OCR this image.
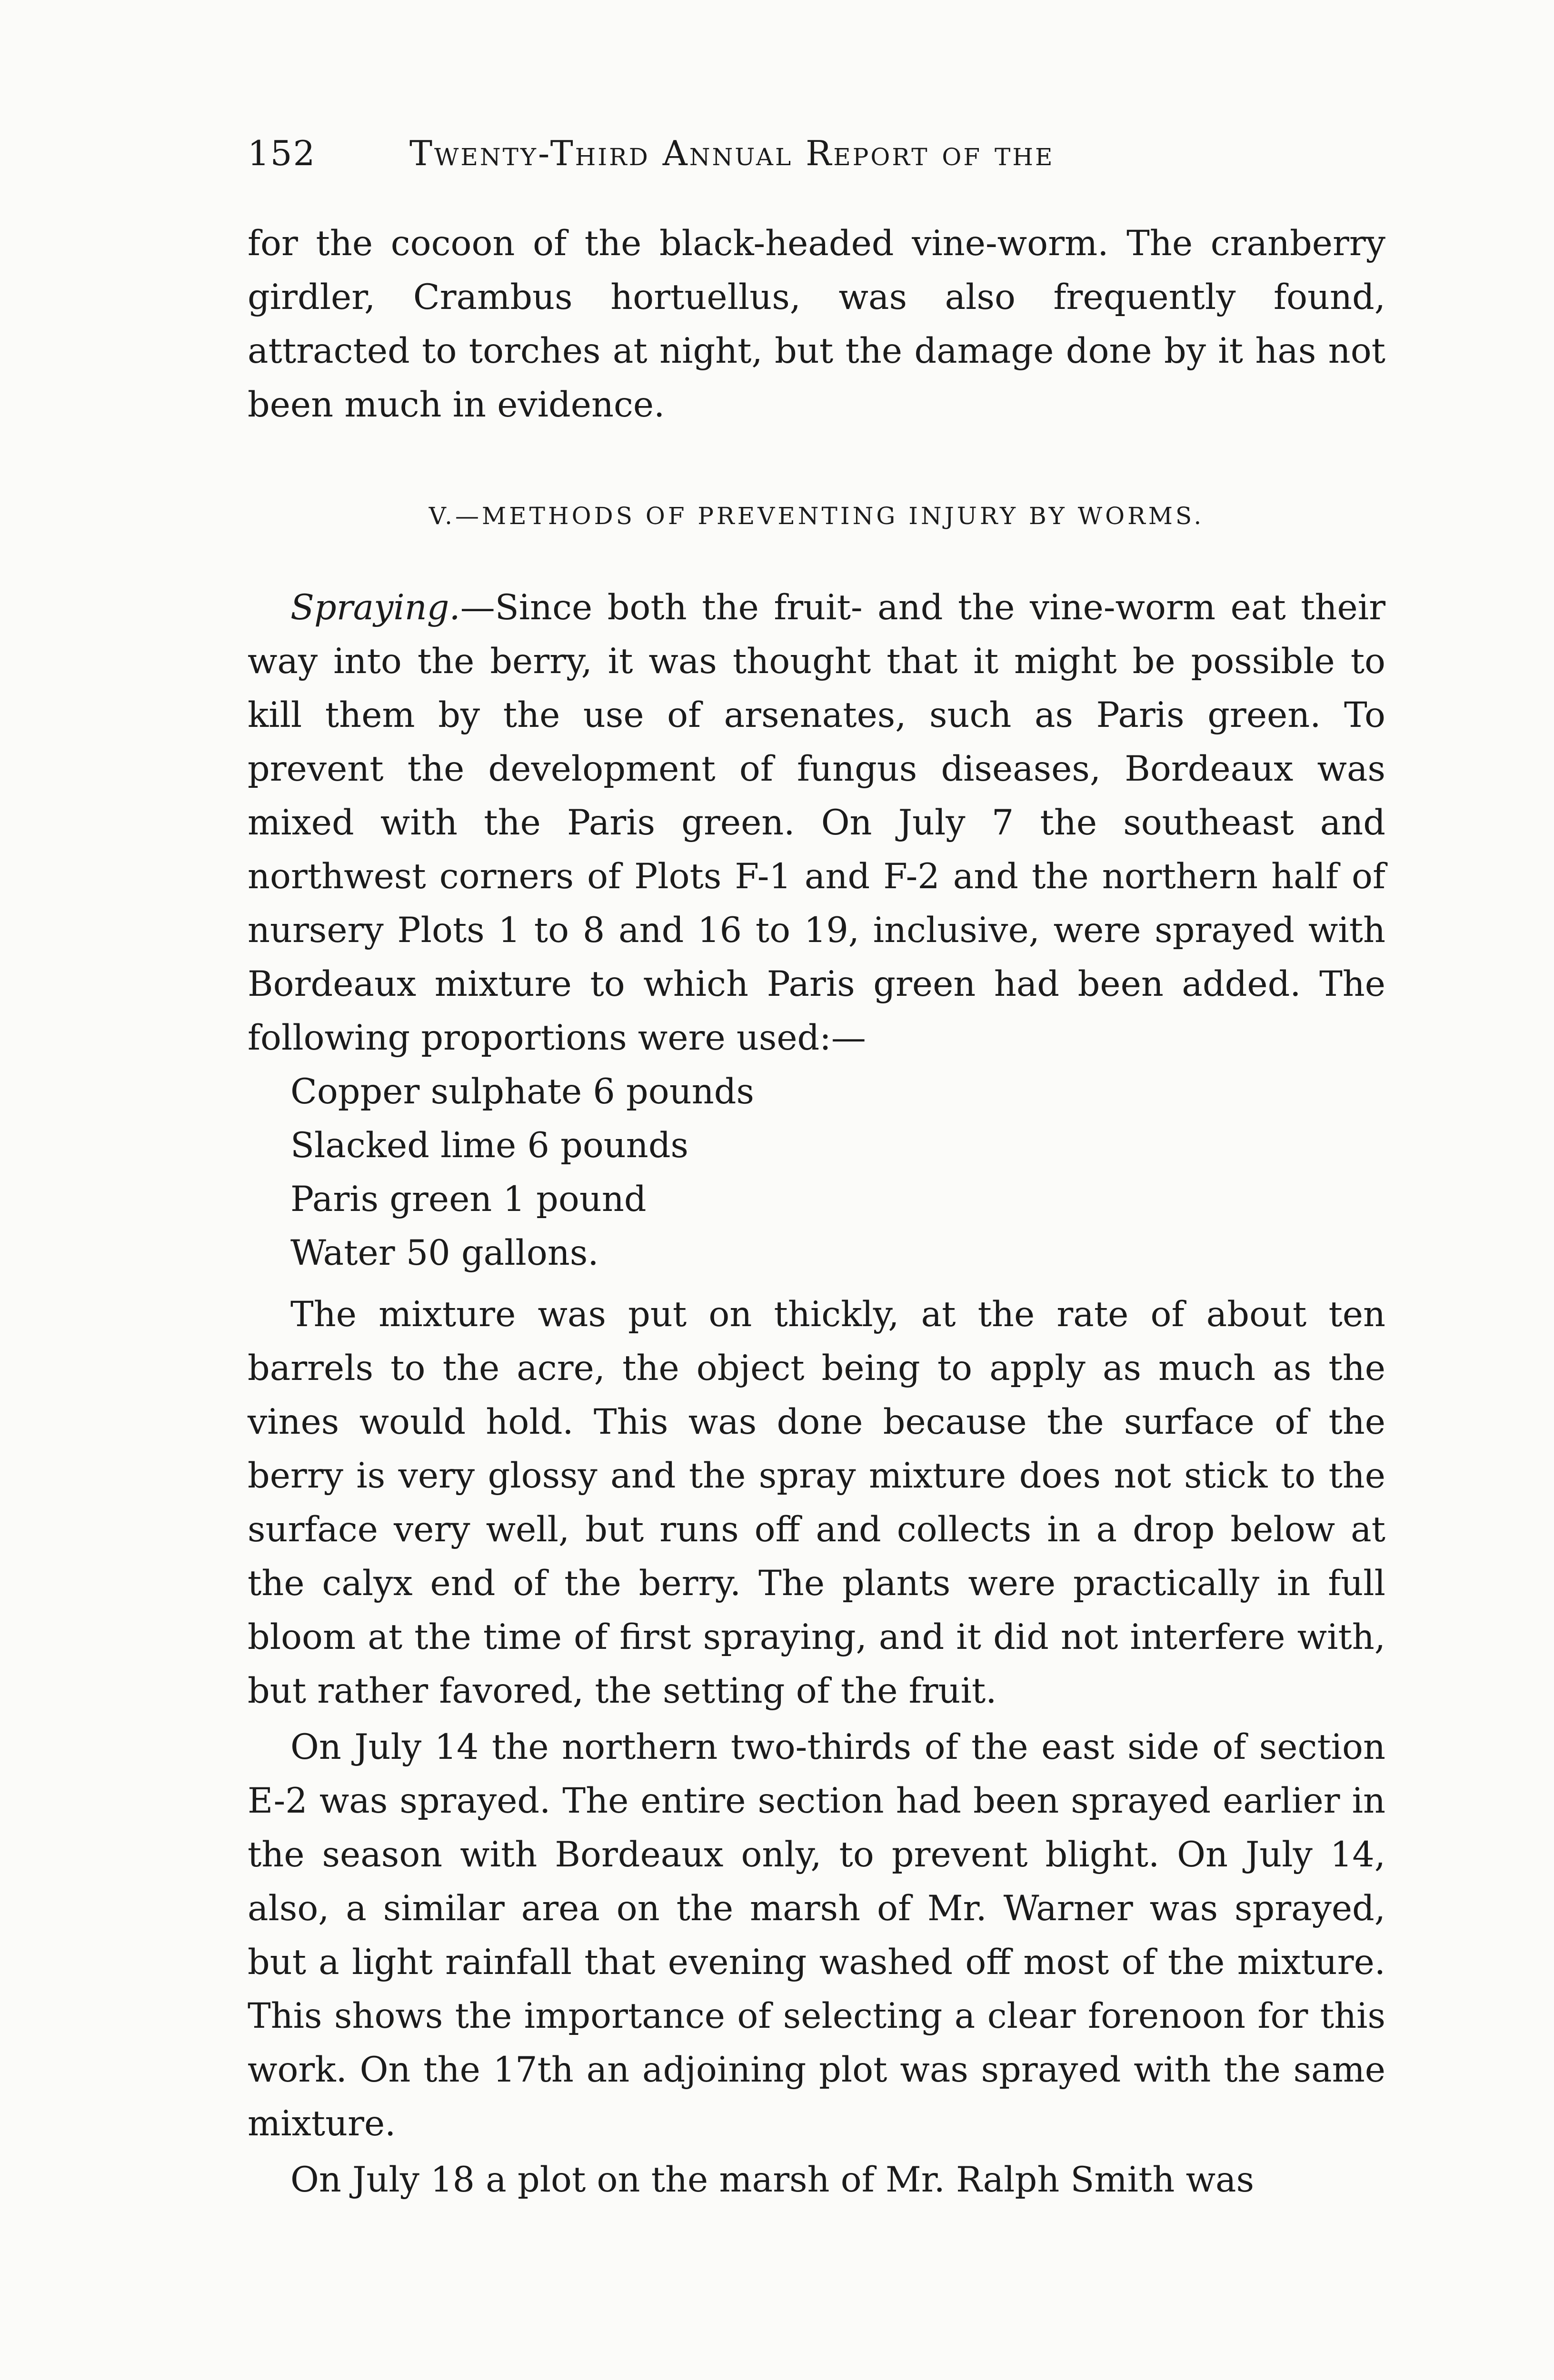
152	Twenty-Third Annual Report of the

for the cocoon of the black-headed vine-worm. The cranberry girdler, Crambus hortuellus, was also frequently found, attracted to torches at night, but the damage done by it has not been much in evidence.

V.—METHODS OF PREVENTING INJURY BY WORMS.

Spraying.—Since both the fruit- and the vine-worm eat their way into the berry, it was thought that it might be possible to kill them by the use of arsenates, such as Paris green. To prevent the development of fungus diseases, Bordeaux was mixed with the Paris green. On July 7 the southeast and northwest corners of Plots F-1 and F-2 and the northern half of nursery Plots 1 to 8 and 16 to 19, inclusive, were sprayed with Bordeaux mixture to which Paris green had been added. The following proportions were used:—

Copper sulphate 6 pounds
Slacked lime 6 pounds
Paris green 1 pound
Water 50 gallons.

The mixture was put on thickly, at the rate of about ten barrels to the acre, the object being to apply as much as the vines would hold. This was done because the surface of the berry is very glossy and the spray mixture does not stick to the surface very well, but runs off and collects in a drop below at the calyx end of the berry. The plants were practically in full bloom at the time of first spraying, and it did not interfere with, but rather favored, the setting of the fruit.

On July 14 the northern two-thirds of the east side of section E-2 was sprayed. The entire section had been sprayed earlier in the season with Bordeaux only, to prevent blight. On July 14, also, a similar area on the marsh of Mr. Warner was sprayed, but a light rainfall that evening washed off most of the mixture. This shows the importance of selecting a clear forenoon for this work. On the 17th an adjoining plot was sprayed with the same mixture.

On July 18 a plot on the marsh of Mr. Ralph Smith was
